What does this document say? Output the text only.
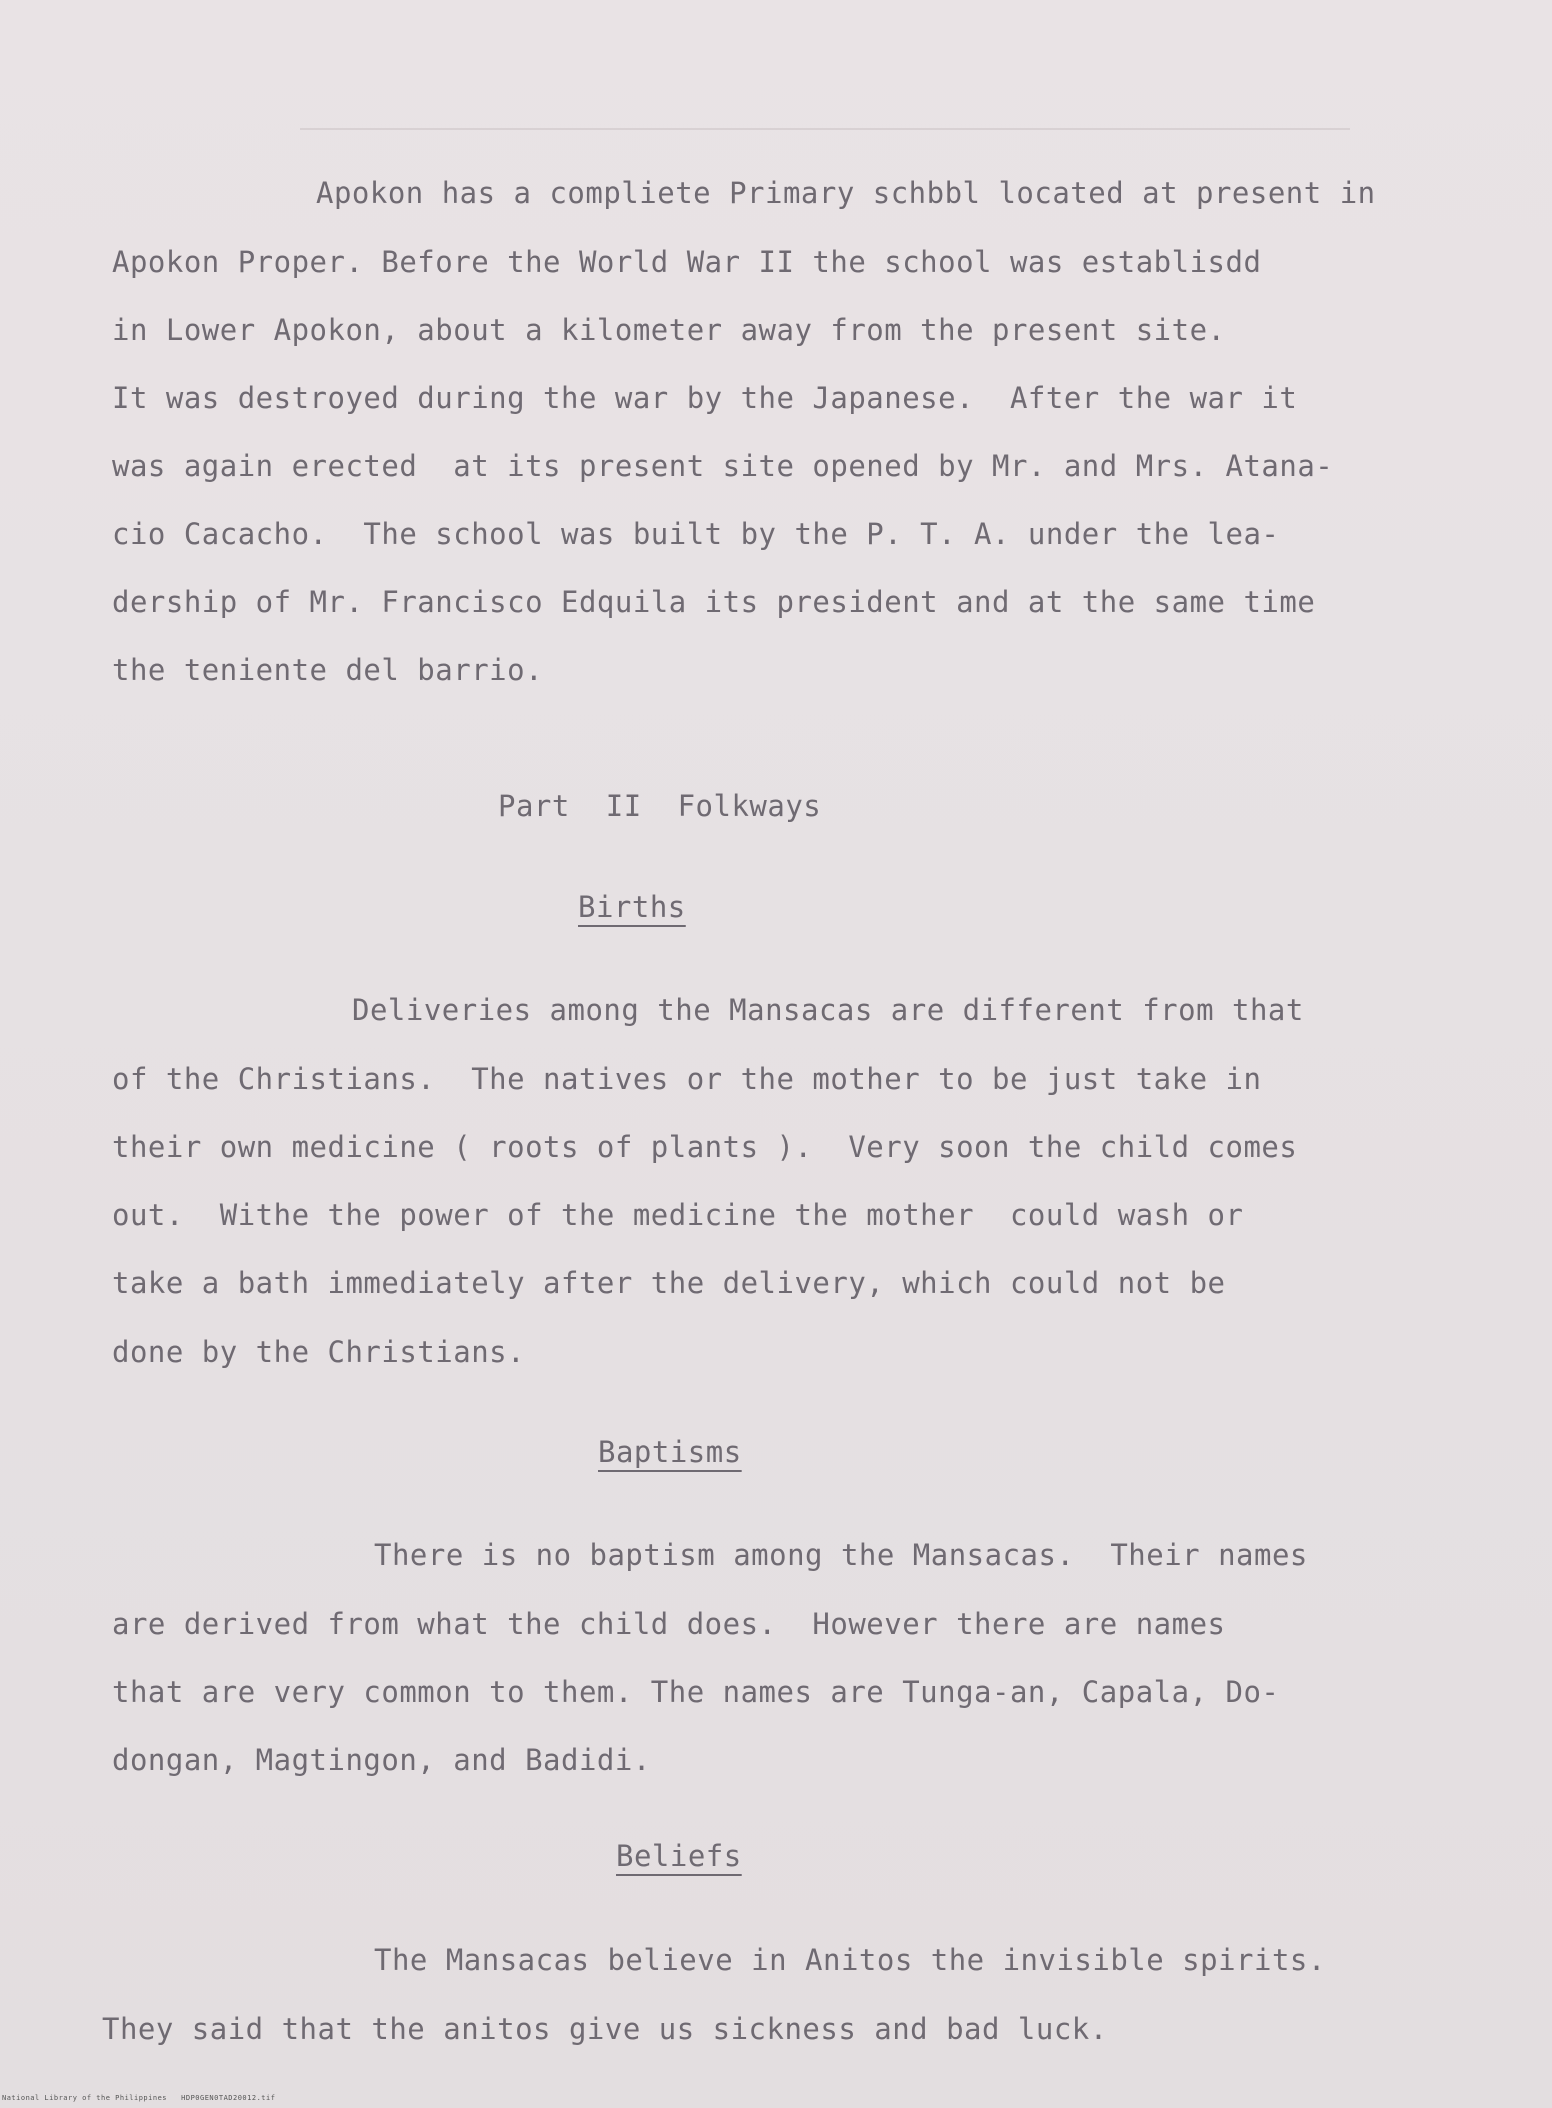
Apokon has a compliete Primary schbbl located at present in
Apokon Proper. Before the World War II the school was establisdd
in Lower Apokon, about a kilometer away from the present site.
It was destroyed during the war by the Japanese.  After the war it
was again erected  at its present site opened by Mr. and Mrs. Atana-
cio Cacacho.  The school was built by the P. T. A. under the lea-
dership of Mr. Francisco Edquila its president and at the same time
the teniente del barrio.
Part  II  Folkways
Births
Deliveries among the Mansacas are different from that
of the Christians.  The natives or the mother to be just take in
their own medicine ( roots of plants ).  Very soon the child comes
out.  Withe the power of the medicine the mother  could wash or
take a bath immediately after the delivery, which could not be
done by the Christians.
Baptisms
There is no baptism among the Mansacas.  Their names
are derived from what the child does.  However there are names
that are very common to them. The names are Tunga-an, Capala, Do-
dongan, Magtingon, and Badidi.
Beliefs
The Mansacas believe in Anitos the invisible spirits.
They said that the anitos give us sickness and bad luck.
National Library of the Philippines   HDP0GEN0TAD20012.tif
